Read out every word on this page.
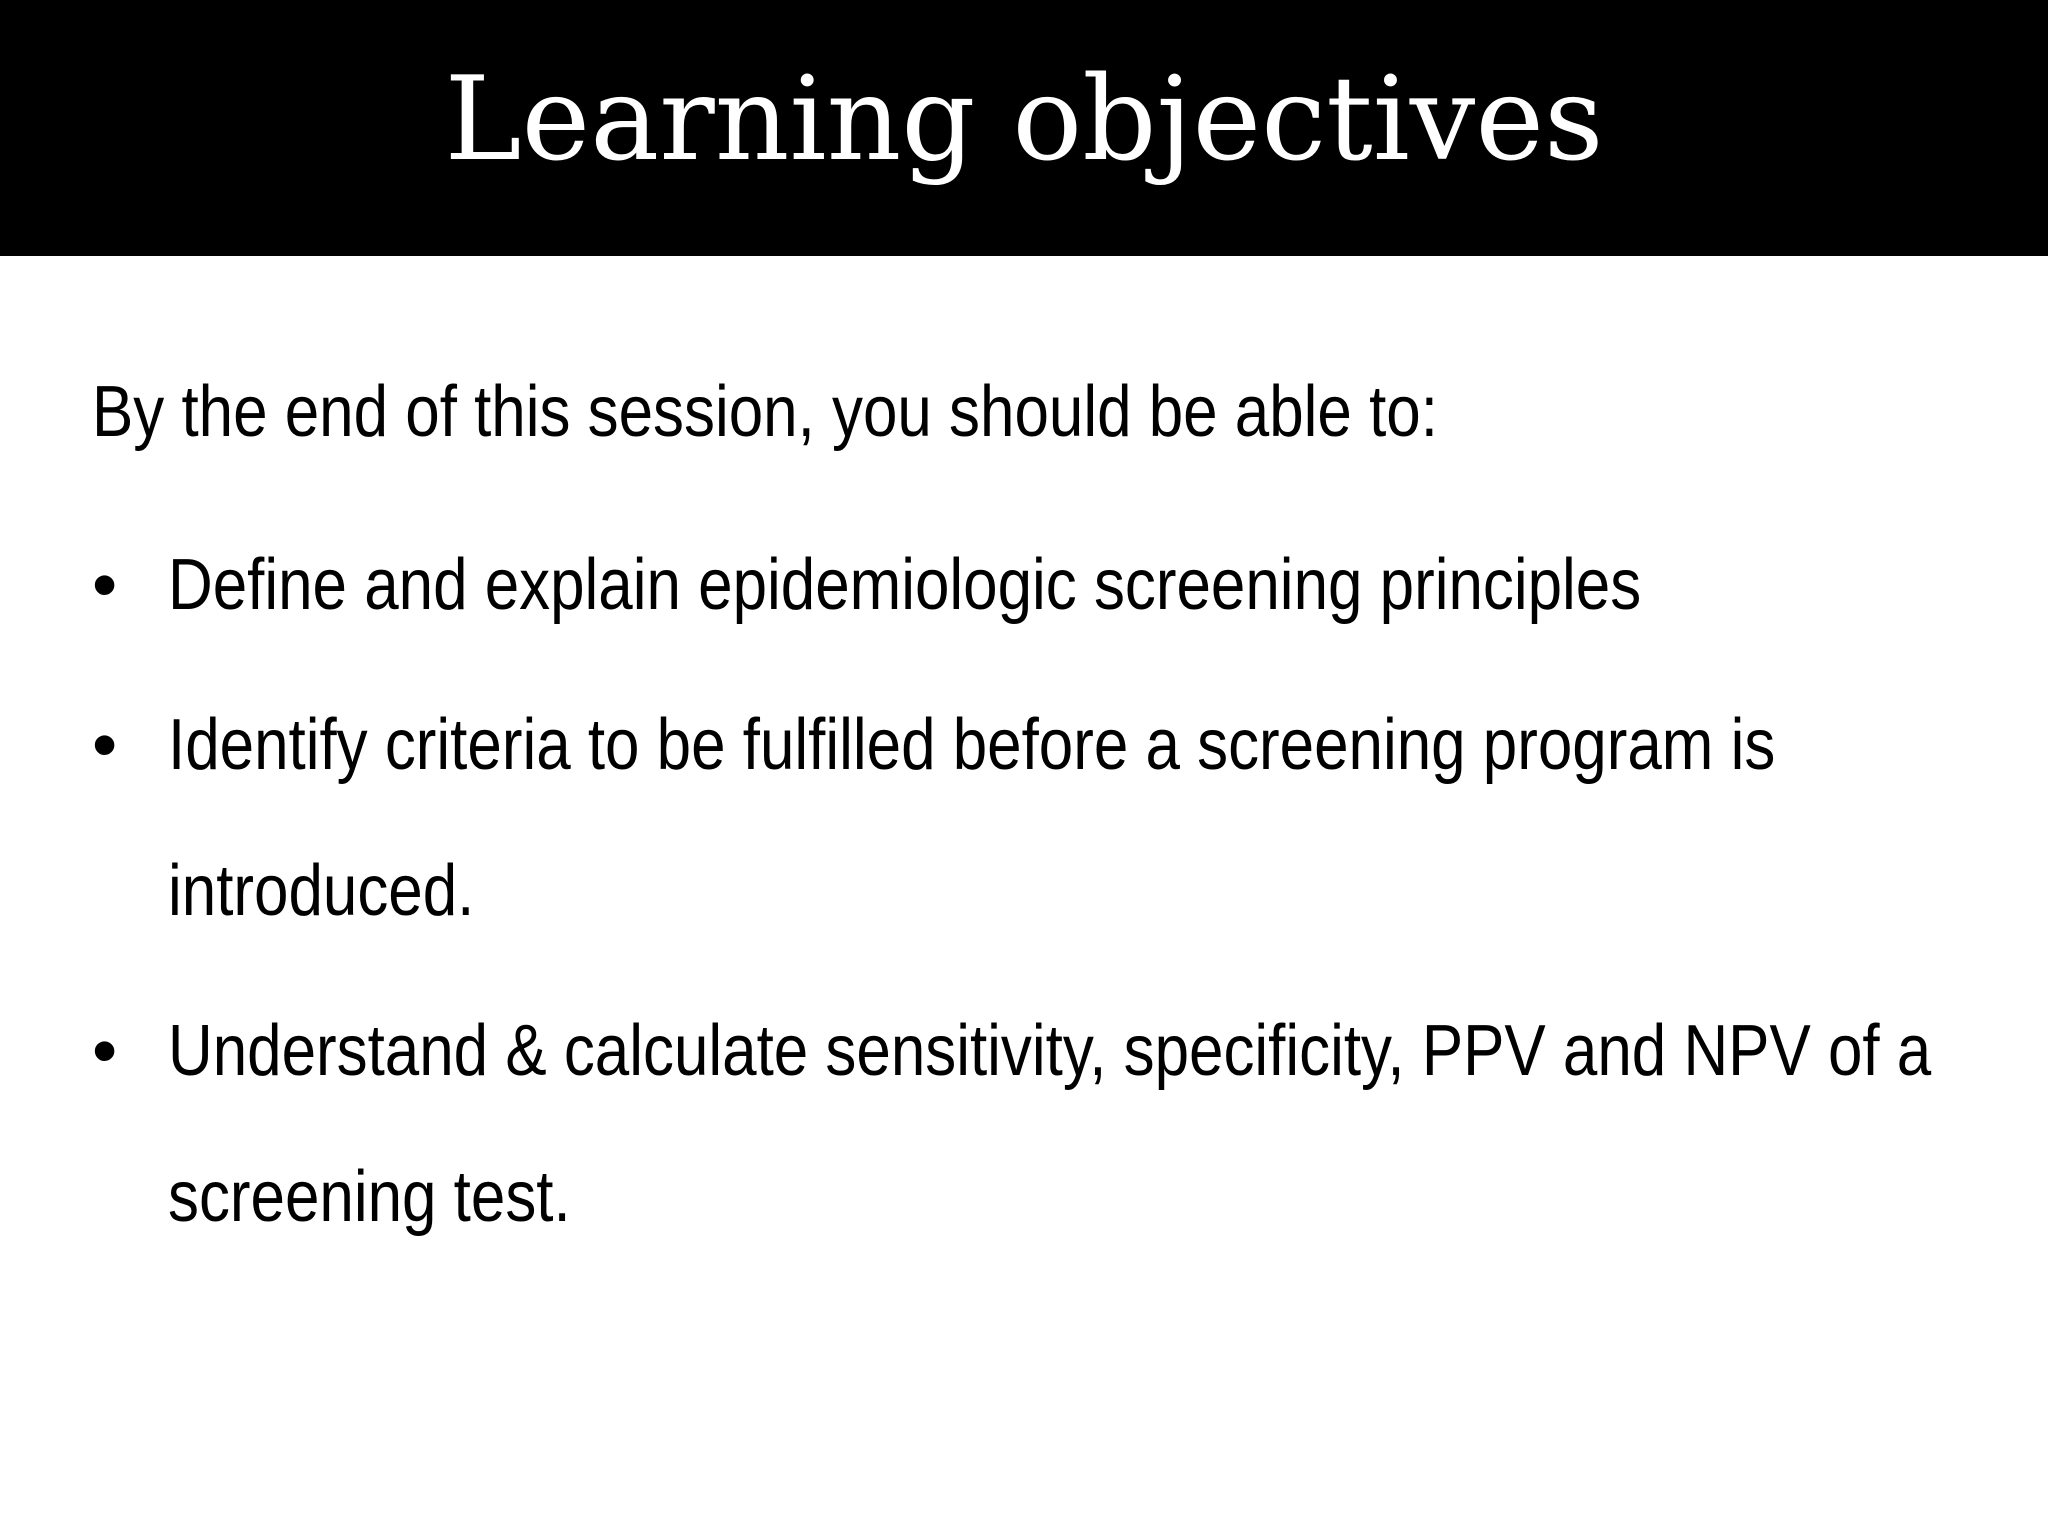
Learning objectives
By the end of this session, you should be able to:
• Define and explain epidemiologic screening principles
• Identify criteria to be fulfilled before a screening program is introduced.
• Understand & calculate sensitivity, specificity, PPV and NPV of a screening test.
